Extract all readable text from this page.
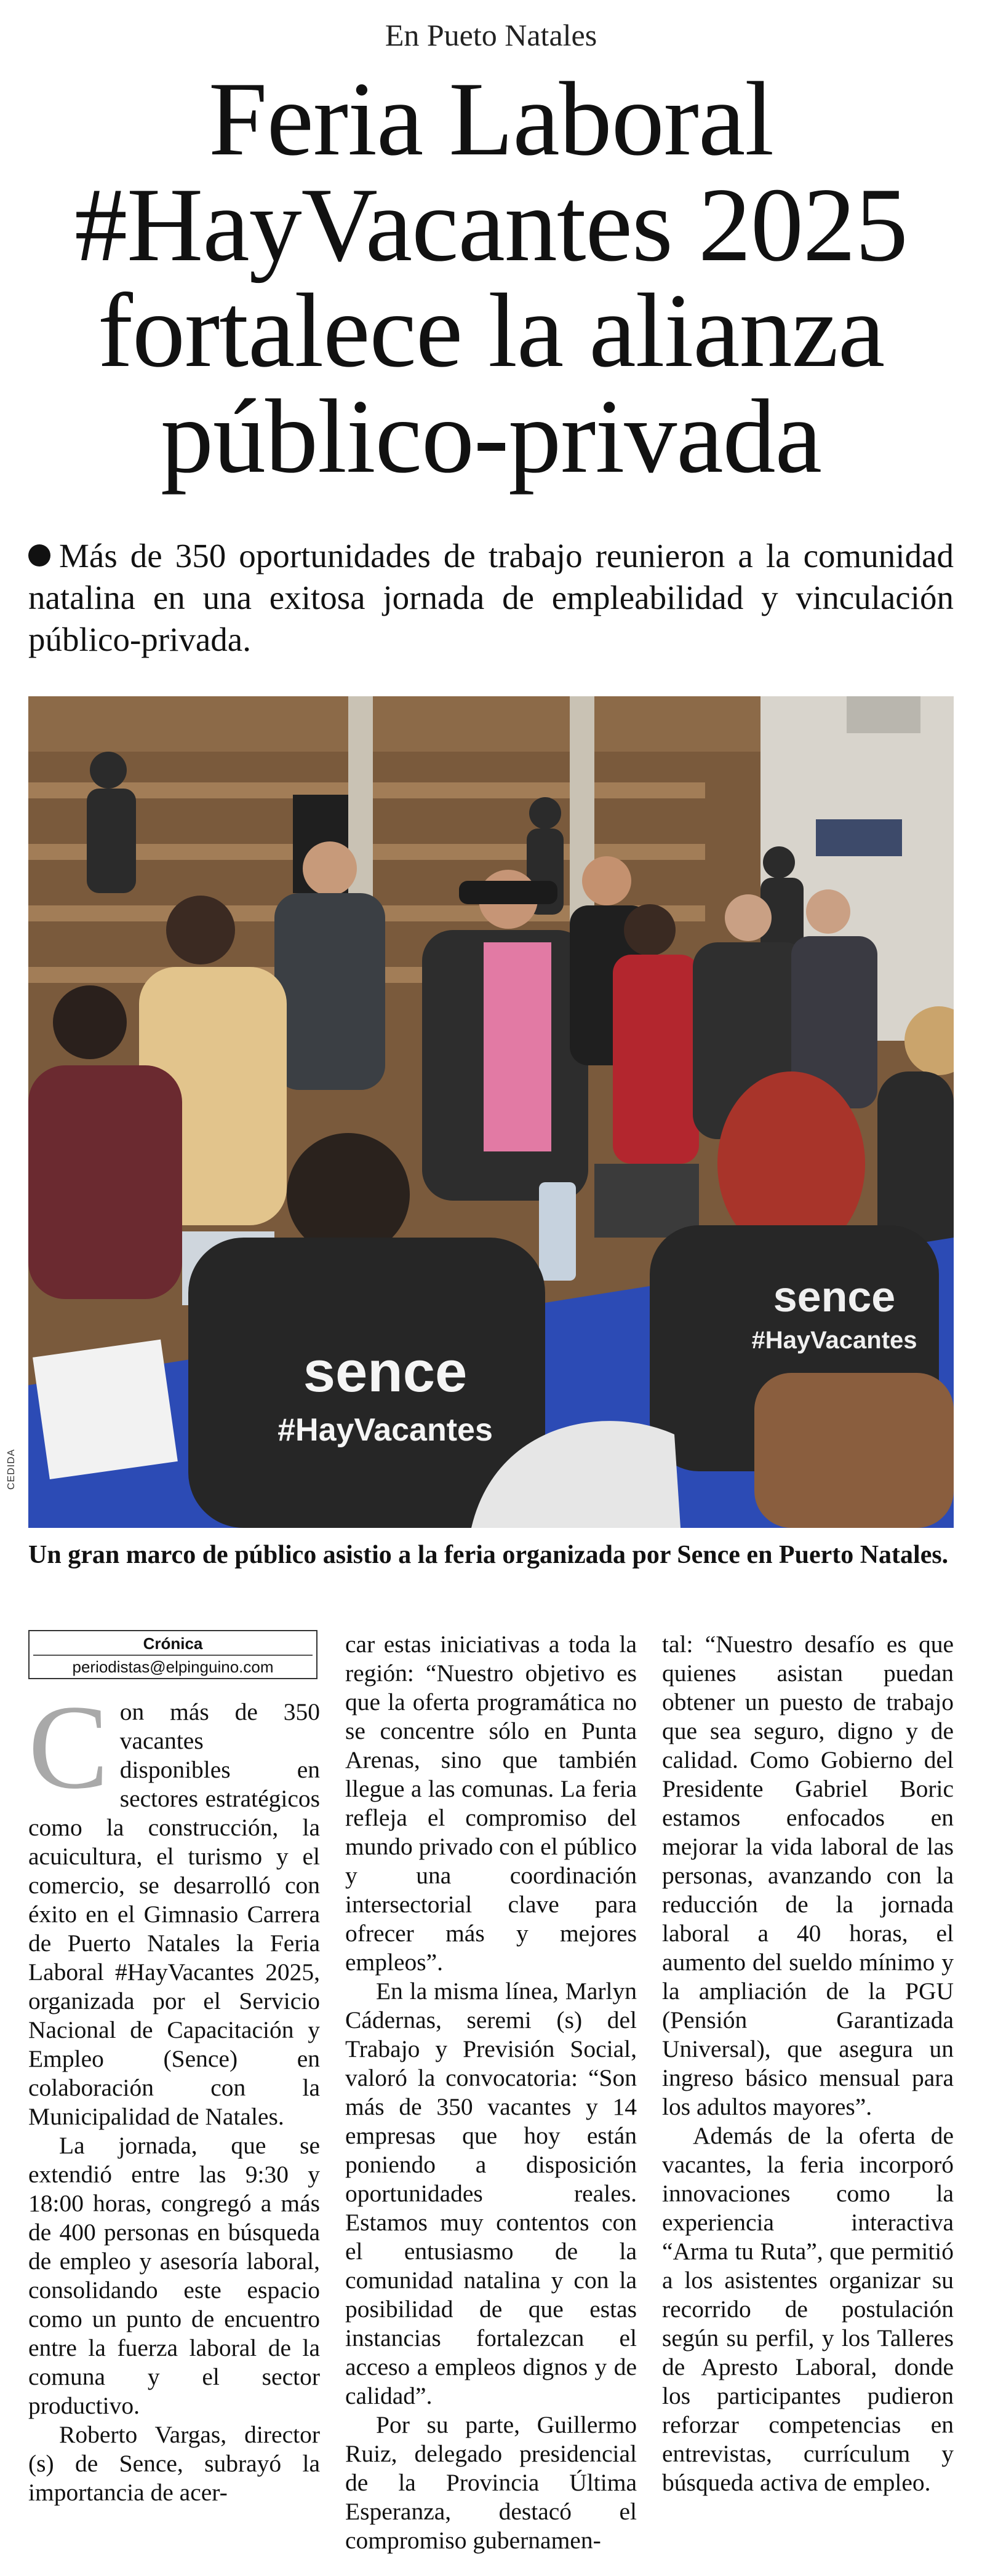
En Pueto Natales
Feria Laboral
#HayVacantes 2025
fortalece la alianza
público-privada
Más de 350 oportunidades de trabajo reunieron a la comunidad natalina en una exitosa jornada de empleabilidad y vinculación público-privada.
sence
#HayVacantes
sence
#HayVacantes
CEDIDA
Un gran marco de público asistio a la feria organizada por Sence en Puerto Natales.
Crónica
periodistas@elpinguino.com

Con más de 350 vacantes disponibles en sectores estratégicos como la construcción, la acuicultura, el turismo y el comercio, se desarrolló con éxito en el Gimnasio Carrera de Puerto Natales la Feria Laboral #HayVacantes 2025, organizada por el Servicio Nacional de Capacitación y Empleo (Sence) en colaboración con la Municipalidad de Natales.

La jornada, que se extendió entre las 9:30 y 18:00 horas, congregó a más de 400 personas en búsqueda de empleo y asesoría laboral, consolidando este espacio como un punto de encuentro entre la fuerza laboral de la comuna y el sector productivo.

Roberto Vargas, director (s) de Sence, subrayó la importancia de acer-

car estas iniciativas a toda la región: “Nuestro objetivo es que la oferta programática no se concentre sólo en Punta Arenas, sino que también llegue a las comunas. La feria refleja el compromiso del mundo privado con el público y una coordinación intersectorial clave para ofrecer más y mejores empleos”.

En la misma línea, Marlyn Cádernas, seremi (s) del Trabajo y Previsión Social, valoró la convocatoria: “Son más de 350 vacantes y 14 empresas que hoy están poniendo a disposición oportunidades reales. Estamos muy contentos con el entusiasmo de la comunidad natalina y con la posibilidad de que estas instancias fortalezcan el acceso a empleos dignos y de calidad”.

Por su parte, Guillermo Ruiz, delegado presidencial de la Provincia Última Esperanza, destacó el compromiso gubernamen-

tal: “Nuestro desafío es que quienes asistan puedan obtener un puesto de trabajo que sea seguro, digno y de calidad. Como Gobierno del Presidente Gabriel Boric estamos enfocados en mejorar la vida laboral de las personas, avanzando con la reducción de la jornada laboral a 40 horas, el aumento del sueldo mínimo y la ampliación de la PGU (Pensión Garantizada Universal), que asegura un ingreso básico mensual para los adultos mayores”.

Además de la oferta de vacantes, la feria incorporó innovaciones como la experiencia interactiva “Arma tu Ruta”, que permitió a los asistentes organizar su recorrido de postulación según su perfil, y los Talleres de Apresto Laboral, donde los participantes pudieron reforzar competencias en entrevistas, currículum y búsqueda activa de empleo.
